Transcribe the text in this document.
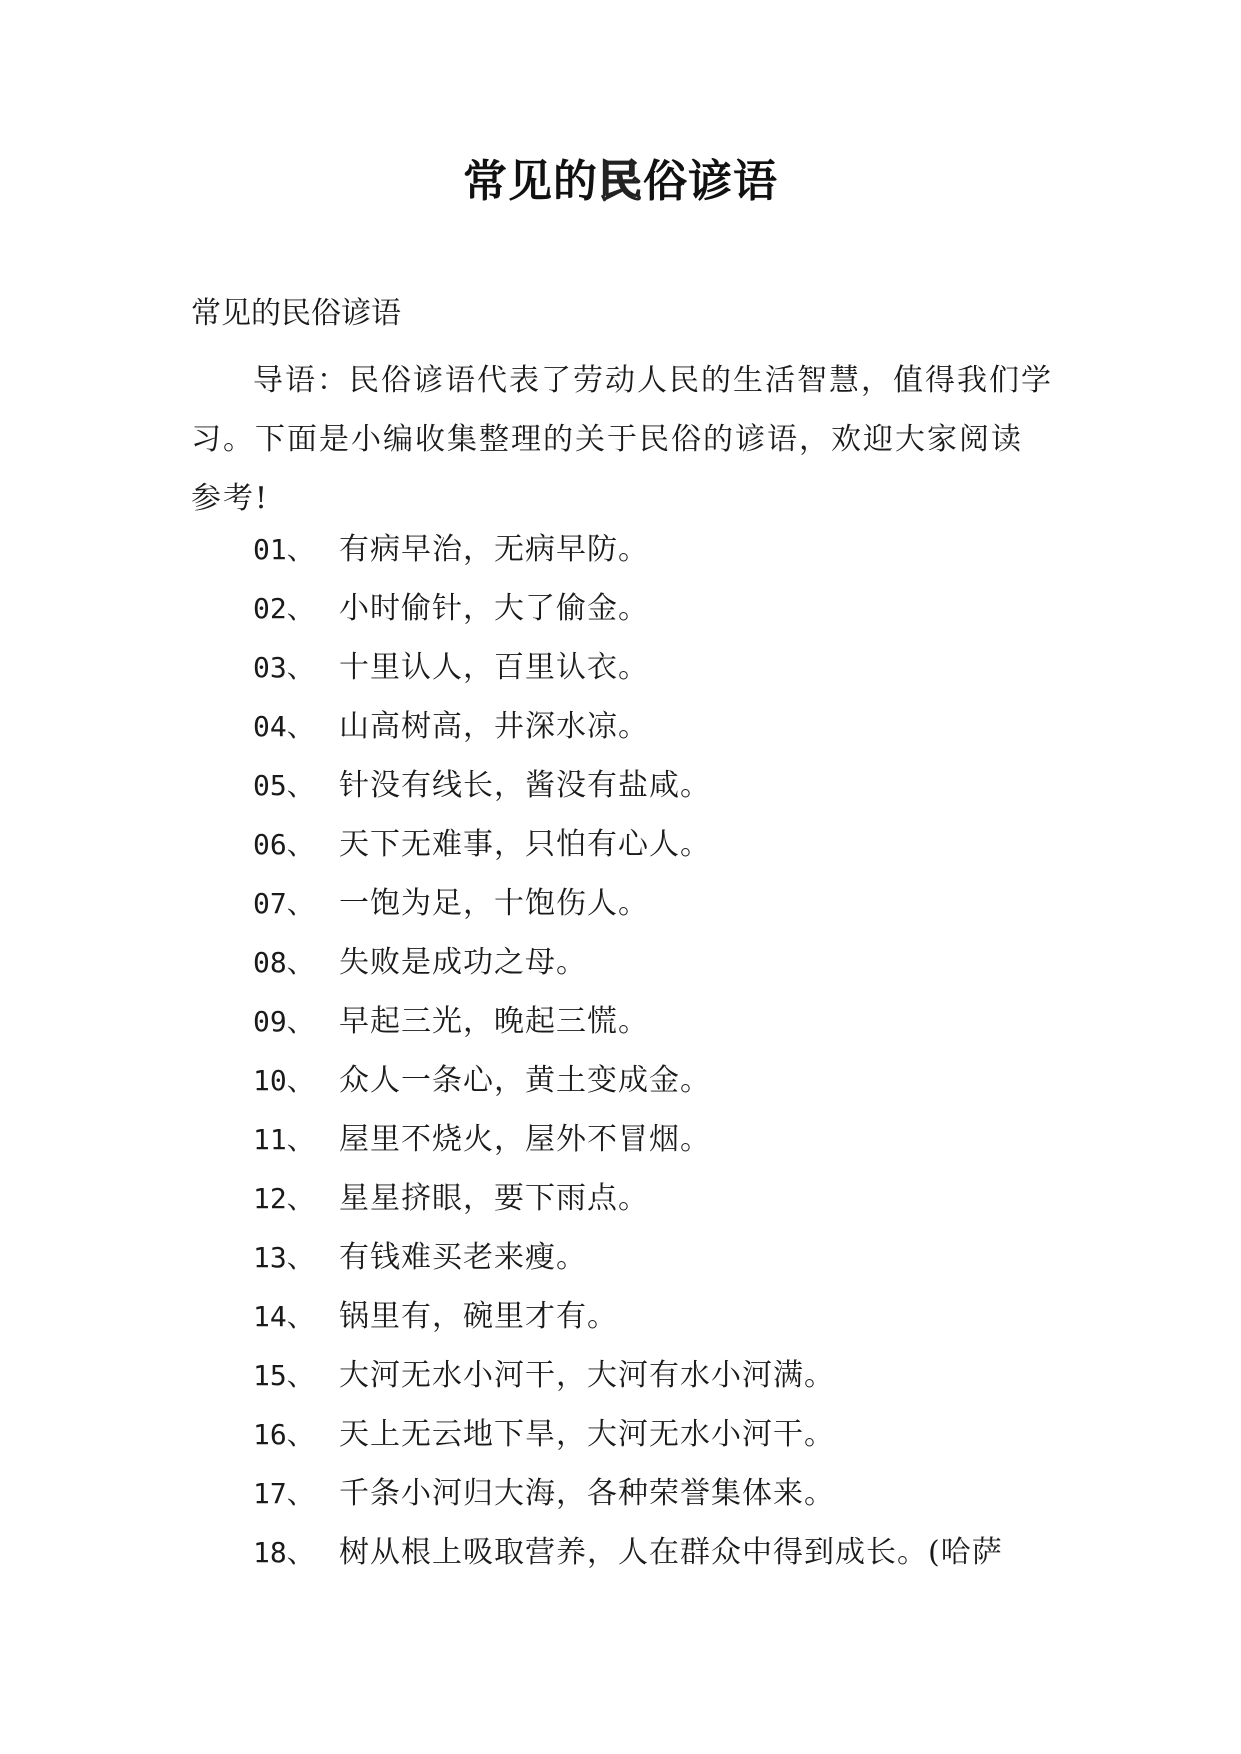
常见的民俗谚语
常见的民俗谚语
导语：民俗谚语代表了劳动人民的生活智慧，值得我们学习。下面是小编收集整理的关于民俗的谚语，欢迎大家阅读参考!
01、 有病早治，无病早防。
02、 小时偷针，大了偷金。
03、 十里认人，百里认衣。
04、 山高树高，井深水凉。
05、 针没有线长，酱没有盐咸。
06、 天下无难事，只怕有心人。
07、 一饱为足，十饱伤人。
08、 失败是成功之母。
09、 早起三光，晚起三慌。
10、 众人一条心，黄土变成金。
11、 屋里不烧火，屋外不冒烟。
12、 星星挤眼，要下雨点。
13、 有钱难买老来瘦。
14、 锅里有，碗里才有。
15、 大河无水小河干，大河有水小河满。
16、 天上无云地下旱，大河无水小河干。
17、 千条小河归大海，各种荣誉集体来。
18、 树从根上吸取营养，人在群众中得到成长。(哈萨
